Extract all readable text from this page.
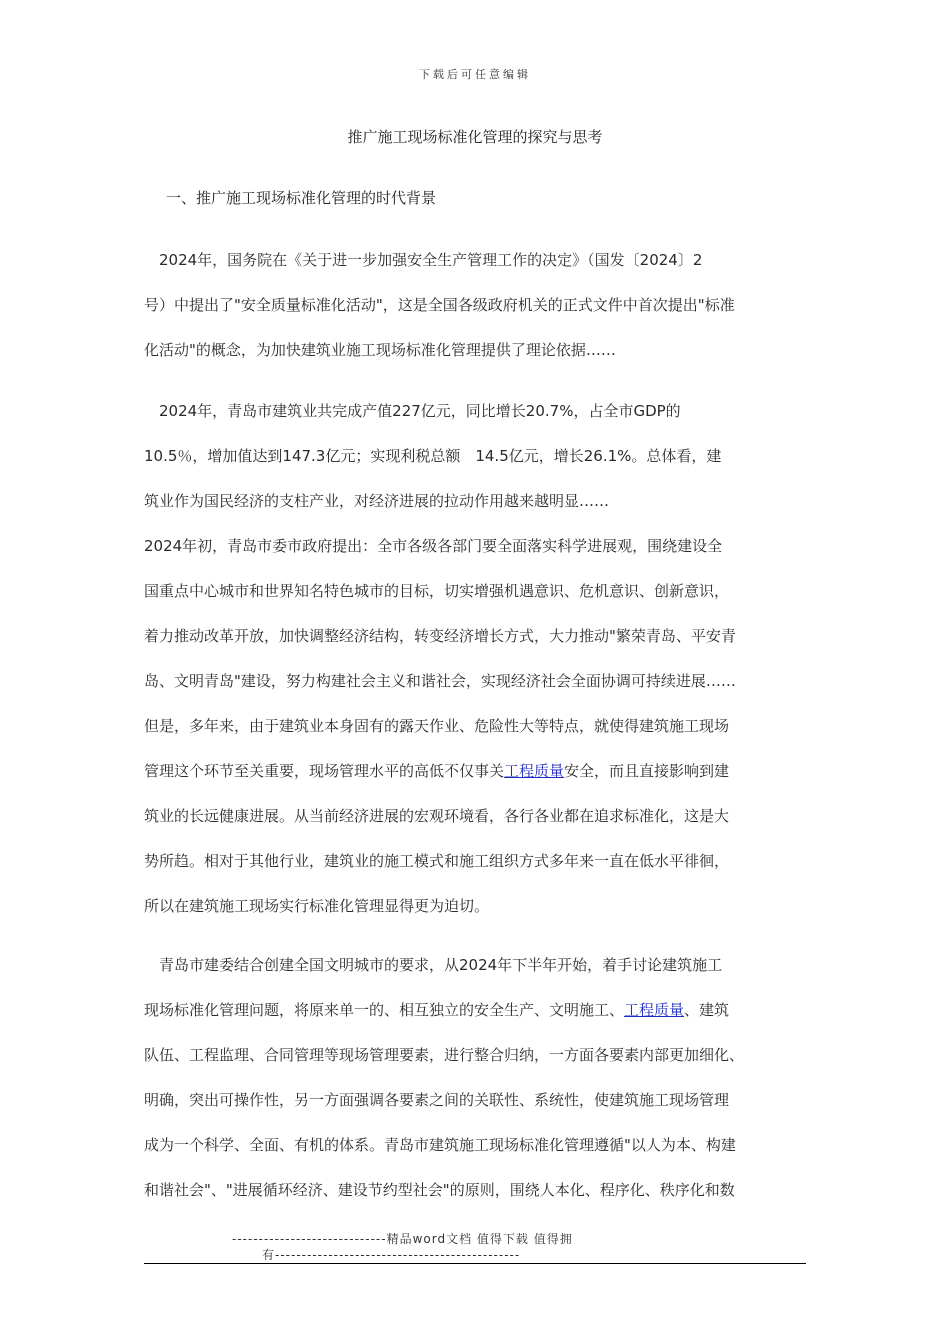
下载后可任意编辑
推广施工现场标准化管理的探究与思考
一、推广施工现场标准化管理的时代背景
　2024年，国务院在《关于进一步加强安全生产管理工作的决定》（国发〔2024〕2
号）中提出了"安全质量标准化活动"，这是全国各级政府机关的正式文件中首次提出"标准
化活动"的概念，为加快建筑业施工现场标准化管理提供了理论依据……
　2024年，青岛市建筑业共完成产值227亿元，同比增长20.7%，占全市GDP的
10.5％，增加值达到147.3亿元；实现利税总额　14.5亿元，增长26.1%。总体看，建
筑业作为国民经济的支柱产业，对经济进展的拉动作用越来越明显……
2024年初，青岛市委市政府提出：全市各级各部门要全面落实科学进展观，围绕建设全
国重点中心城市和世界知名特色城市的目标，切实增强机遇意识、危机意识、创新意识，
着力推动改革开放，加快调整经济结构，转变经济增长方式，大力推动"繁荣青岛、平安青
岛、文明青岛"建设，努力构建社会主义和谐社会，实现经济社会全面协调可持续进展……
但是，多年来，由于建筑业本身固有的露天作业、危险性大等特点，就使得建筑施工现场
管理这个环节至关重要，现场管理水平的高低不仅事关工程质量安全，而且直接影响到建
筑业的长远健康进展。从当前经济进展的宏观环境看，各行各业都在追求标准化，这是大
势所趋。相对于其他行业，建筑业的施工模式和施工组织方式多年来一直在低水平徘徊，
所以在建筑施工现场实行标准化管理显得更为迫切。
　青岛市建委结合创建全国文明城市的要求，从2024年下半年开始，着手讨论建筑施工
现场标准化管理问题，将原来单一的、相互独立的安全生产、文明施工、工程质量、建筑
队伍、工程监理、合同管理等现场管理要素，进行整合归纳，一方面各要素内部更加细化、
明确，突出可操作性，另一方面强调各要素之间的关联性、系统性，使建筑施工现场管理
成为一个科学、全面、有机的体系。青岛市建筑施工现场标准化管理遵循"以人为本、构建
和谐社会"、"进展循环经济、建设节约型社会"的原则，围绕人本化、程序化、秩序化和数
-----------------------------精品word文档 值得下载 值得拥
有----------------------------------------------
